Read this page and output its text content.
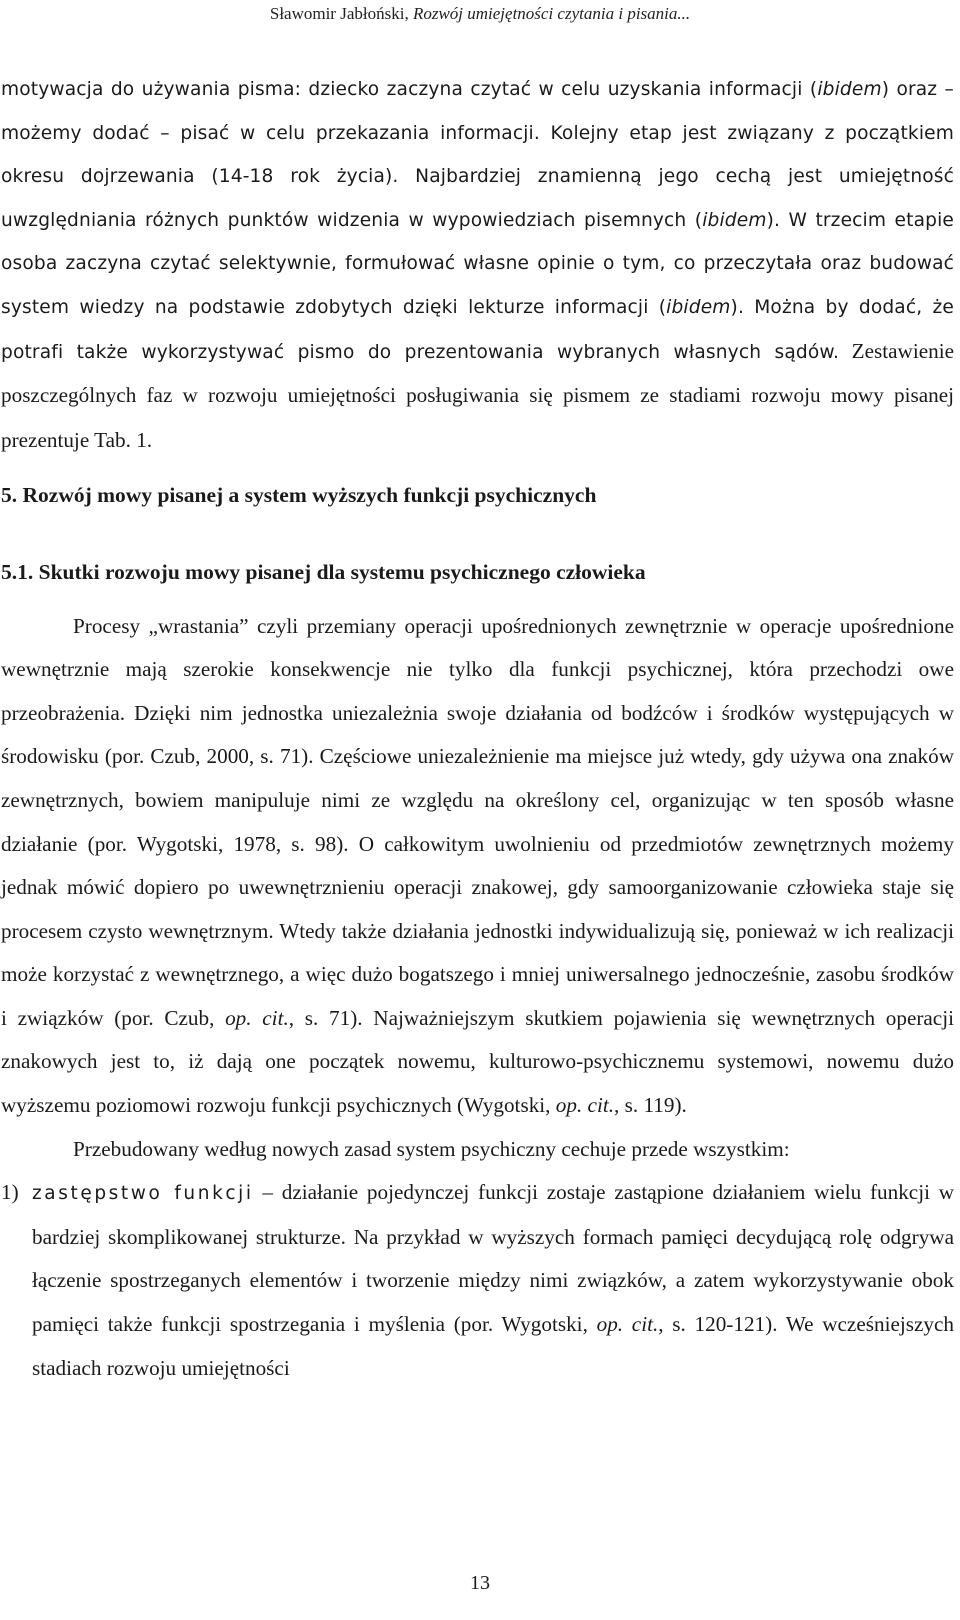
Sławomir Jabłoński, Rozwój umiejętności czytania i pisania...

motywacja do używania pisma: dziecko zaczyna czytać w celu uzyskania informacji (ibidem) oraz – możemy dodać – pisać w celu przekazania informacji. Kolejny etap jest związany z początkiem okresu dojrzewania (14-18 rok życia). Najbardziej znamienną jego cechą jest umiejętność uwzględniania różnych punktów widzenia w wypowiedziach pisemnych (ibidem). W trzecim etapie osoba zaczyna czytać selektywnie, formułować własne opinie o tym, co przeczytała oraz budować system wiedzy na podstawie zdobytych dzięki lekturze informacji (ibidem). Można by dodać, że potrafi także wykorzystywać pismo do prezentowania wybranych własnych sądów. Zestawienie poszczególnych faz w rozwoju umiejętności posługiwania się pismem ze stadiami rozwoju mowy pisanej prezentuje Tab. 1.

5. Rozwój mowy pisanej a system wyższych funkcji psychicznych

5.1. Skutki rozwoju mowy pisanej dla systemu psychicznego człowieka

Procesy „wrastania” czyli przemiany operacji upośrednionych zewnętrznie w operacje upośrednione wewnętrznie mają szerokie konsekwencje nie tylko dla funkcji psychicznej, która przechodzi owe przeobrażenia. Dzięki nim jednostka uniezależnia swoje działania od bodźców i środków występujących w środowisku (por. Czub, 2000, s. 71). Częściowe uniezależnienie ma miejsce już wtedy, gdy używa ona znaków zewnętrznych, bowiem manipuluje nimi ze względu na określony cel, organizując w ten sposób własne działanie (por. Wygotski, 1978, s. 98). O całkowitym uwolnieniu od przedmiotów zewnętrznych możemy jednak mówić dopiero po uwewnętrznieniu operacji znakowej, gdy samoorganizowanie człowieka staje się procesem czysto wewnętrznym. Wtedy także działania jednostki indywidualizują się, ponieważ w ich realizacji może korzystać z wewnętrznego, a więc dużo bogatszego i mniej uniwersalnego jednocześnie, zasobu środków i związków (por. Czub, op. cit., s. 71). Najważniejszym skutkiem pojawienia się wewnętrznych operacji znakowych jest to, iż dają one początek nowemu, kulturowo-psychicznemu systemowi, nowemu dużo wyższemu poziomowi rozwoju funkcji psychicznych (Wygotski, op. cit., s. 119).

Przebudowany według nowych zasad system psychiczny cechuje przede wszystkim:

1) zastępstwo funkcji – działanie pojedynczej funkcji zostaje zastąpione działaniem wielu funkcji w bardziej skomplikowanej strukturze. Na przykład w wyższych formach pamięci decydującą rolę odgrywa łączenie spostrzeganych elementów i tworzenie między nimi związków, a zatem wykorzystywanie obok pamięci także funkcji spostrzegania i myślenia (por. Wygotski, op. cit., s. 120-121). We wcześniejszych stadiach rozwoju umiejętności

13
